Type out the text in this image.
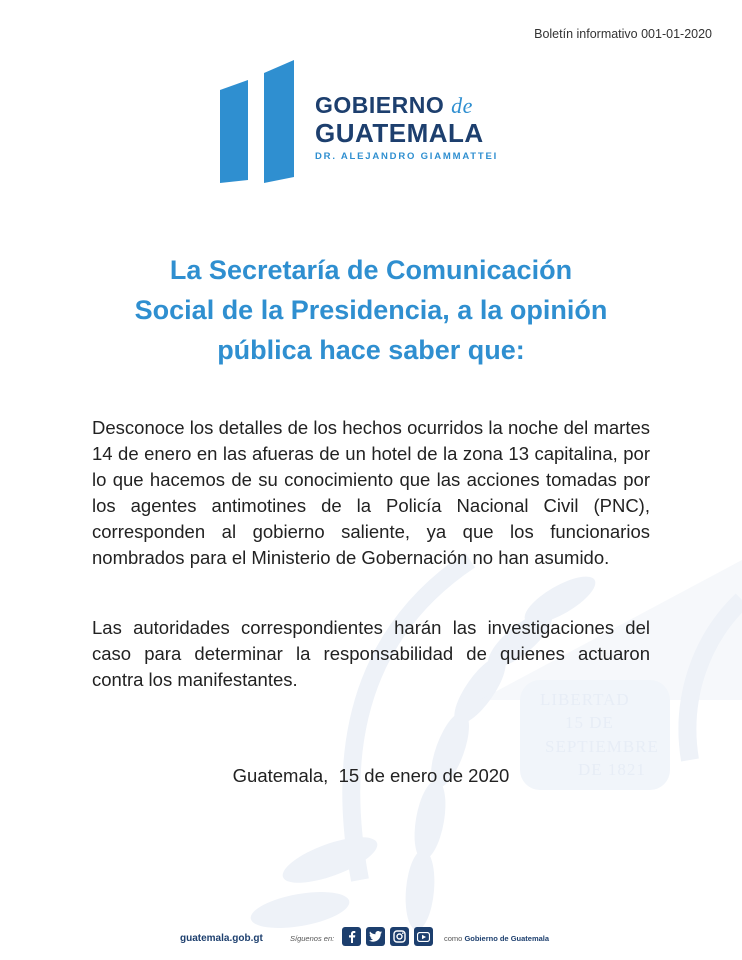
LIBERTAD
15 DE
SEPTIEMBRE
DE 1821
Boletín informativo 001-01-2020
GOBIERNO de
GUATEMALA
DR. ALEJANDRO GIAMMATTEI
La Secretaría de Comunicación
Social de la Presidencia, a la opinión
pública hace saber que:
Desconoce los detalles de los hechos ocurridos la noche del martes 14 de enero en las afueras de un hotel de la zona 13 capitalina, por lo que hacemos de su conocimiento que las acciones tomadas por los agentes antimotines de la Policía Nacional Civil (PNC), corresponden al gobierno saliente, ya que los funcionarios nombrados para el Ministerio de Gobernación no han asumido.
Las autoridades correspondientes harán las investigaciones del caso para determinar la responsabilidad de quienes actuaron contra los manifestantes.
Guatemala,  15 de enero de 2020
guatemala.gob.gt	Síguenos en:	como Gobierno de Guatemala
